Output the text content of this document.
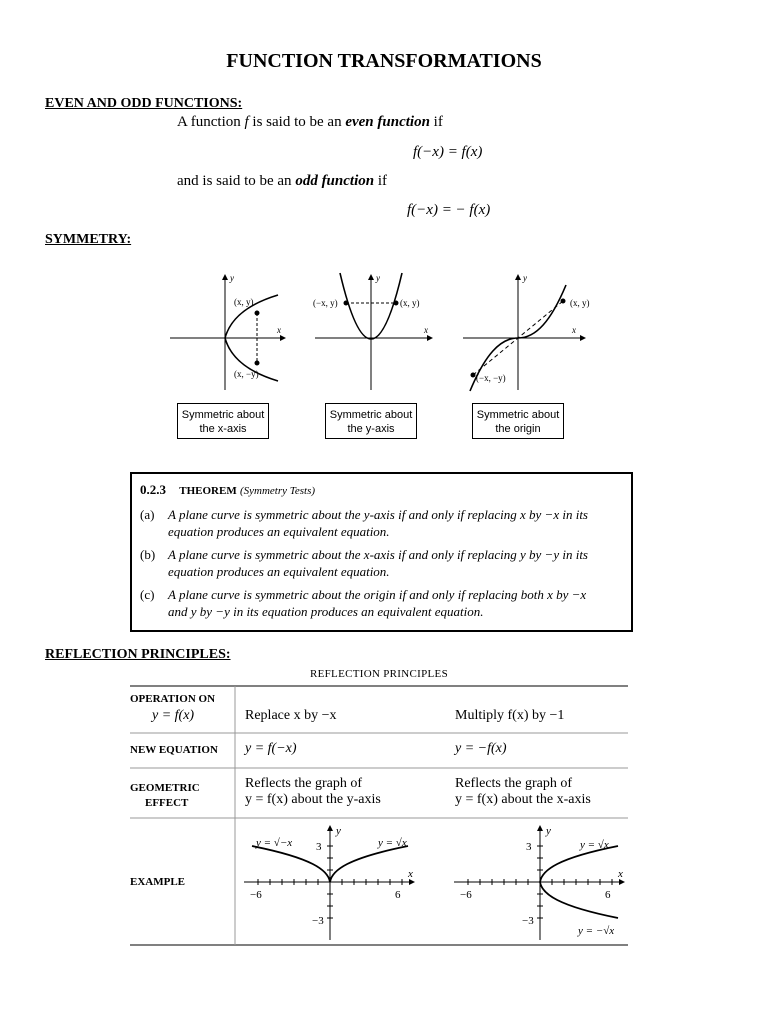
FUNCTION TRANSFORMATIONS
EVEN AND ODD FUNCTIONS:
A function f is said to be an even function if
f(−x) = f(x)
and is said to be an odd function if
f(−x) = − f(x)
SYMMETRY:
(x, y)
(x, −y)
x
y
(−x, y)	(x, y)
x
y
(x, y)
(−x, −y)
x
y
Symmetric about
the x-axis
Symmetric about
the y-axis
Symmetric about
the origin
0.2.3 THEOREM (Symmetry Tests)
(a)	A plane curve is symmetric about the y-axis if and only if replacing x by −x in its
equation produces an equivalent equation.
(b) A plane curve is symmetric about the x-axis if and only if replacing y by −y in its
equation produces an equivalent equation.
(c)	A plane curve is symmetric about the origin if and only if replacing both x by −x
and y by −y in its equation produces an equivalent equation.
REFLECTION PRINCIPLES:
REFLECTION PRINCIPLES
OPERATION ON
y = f(x)	Replace x by −x	Multiply f(x) by −1
NEW EQUATION y = f(−x)	y = −f(x)
GEOMETRIC
EFFECT
Reflects the graph of
y = f(x) about the y-axis
Reflects the graph of
y = f(x) about the x-axis
EXAMPLE
y = √−x	y = √x
3
−3
−6	6
x
y
y = √x
y = −√x
3
−3
−6	6
x
y
